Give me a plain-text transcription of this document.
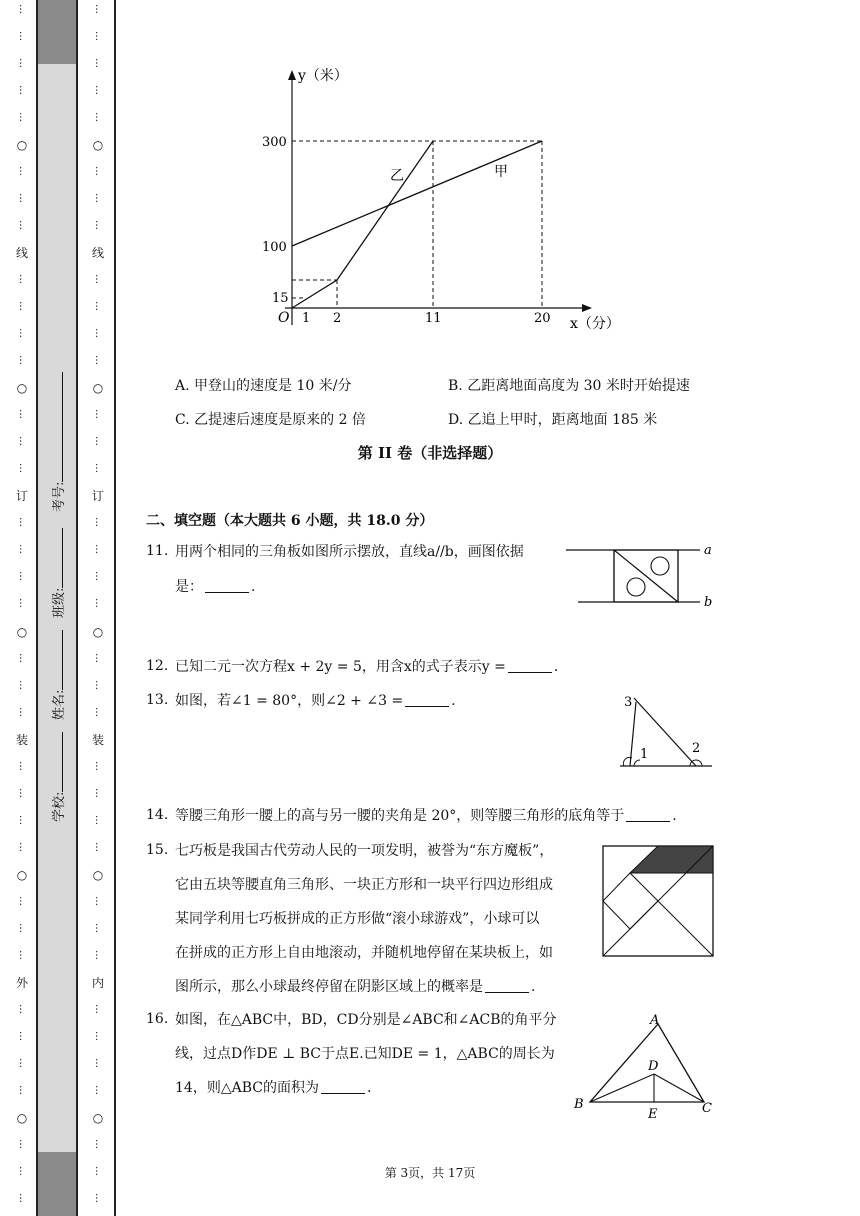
…
…
…
…
…
○
…
…
…
线
…
…
…
…
○
…
…
…
订
…
…
…
…
○
…
…
…
装
…
…
…
…
○
…
…
…
外
…
…
…
…
○
…
…
…
…
…
…
…
…
○
…
…
…
线
…
…
…
…
○
…
…
…
订
…
…
…
…
○
…
…
…
装
…
…
…
…
○
…
…
…
内
…
…
…
…
○
…
…
…
学校:
姓名:
班级:
考号:
y（米）
x（分）
O
300
100
15
1 2	11	20
乙	甲
A. 甲登山的速度是 10 米/分	B. 乙距离地面高度为 30 米时开始提速
C. 乙提速后速度是原来的 2 倍	D. 乙追上甲时，距离地面 185 米
第 II 卷（非选择题）
二、填空题（本大题共 6 小题，共 18.0 分）
11. 用两个相同的三角板如图所示摆放，直线a//b，画图依据
是：	.
a
b
12. 已知二元一次方程x + 2y = 5，用含x的式子表示y =	.
13. 如图，若∠1 = 80°，则∠2 + ∠3 =	.	3
1	2
14. 等腰三角形一腰上的高与另一腰的夹角是 20°，则等腰三角形的底角等于	.
15. 七巧板是我国古代劳动人民的一项发明，被誉为“东方魔板”，
它由五块等腰直角三角形、一块正方形和一块平行四边形组成
某同学利用七巧板拼成的正方形做“滚小球游戏”，小球可以
在拼成的正方形上自由地滚动，并随机地停留在某块板上，如
图所示，那么小球最终停留在阴影区域上的概率是	.
16. 如图，在△ABC中，BD，CD分别是∠ABC和∠ACB的角平分
线，过点D作DE ⊥ BC于点E.已知DE = 1，△ABC的周长为
14，则△ABC的面积为	.
A
B	C
D
E
第 3页，共 17页
